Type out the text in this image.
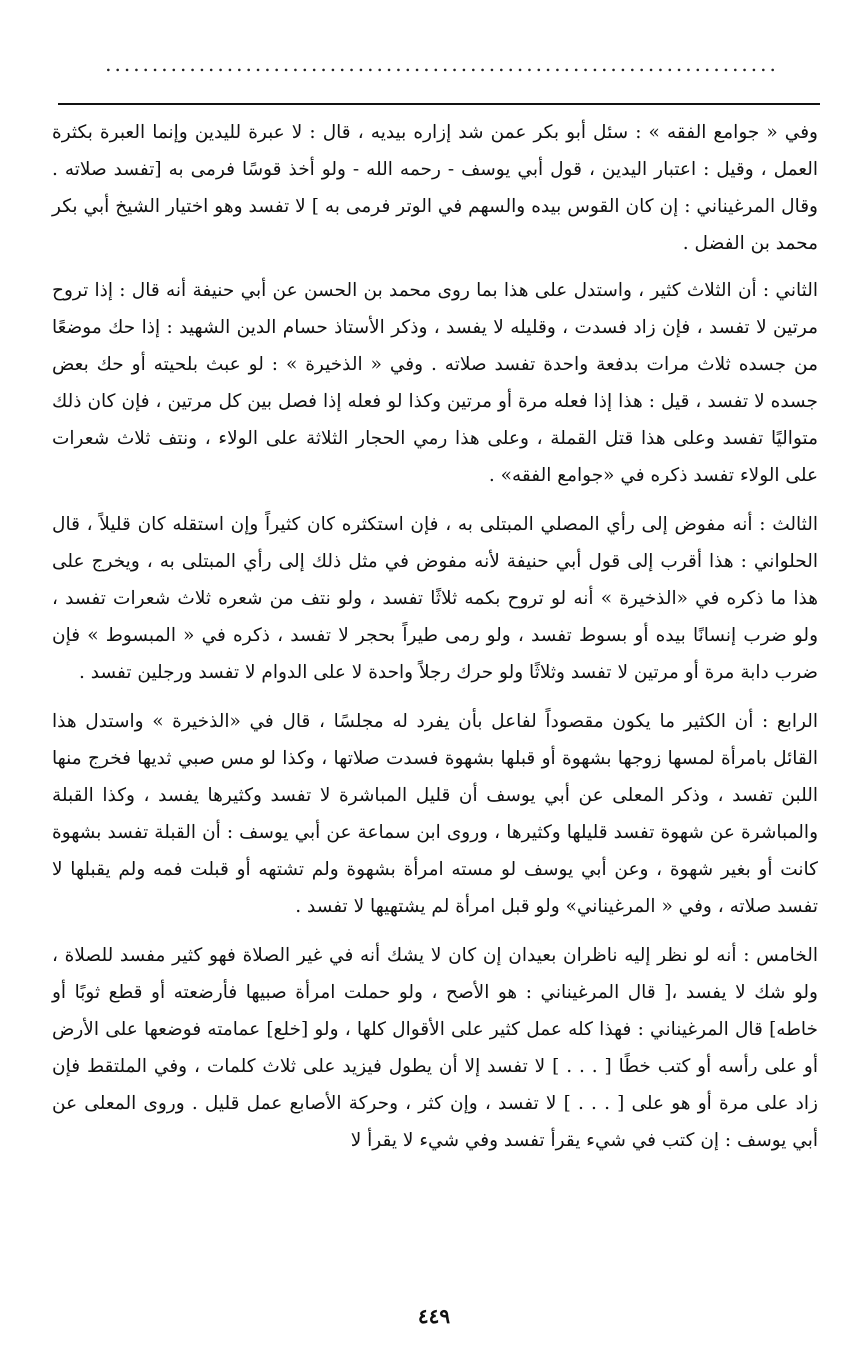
........................................................................

وفي « جوامع الفقه » : سئل أبو بكر عمن شد إزاره بيديه ، قال : لا عبرة لليدين وإنما العبرة بكثرة العمل ، وقيل : اعتبار اليدين ، قول أبي يوسف - رحمه الله - ولو أخذ قوسًا فرمى به [تفسد صلاته . وقال المرغيناني : إن كان القوس بيده والسهم في الوتر فرمى به ] لا تفسد وهو اختيار الشيخ أبي بكر محمد بن الفضل .

الثاني : أن الثلاث كثير ، واستدل على هذا بما روى محمد بن الحسن عن أبي حنيفة أنه قال : إذا تروح مرتين لا تفسد ، فإن زاد فسدت ، وقليله لا يفسد ، وذكر الأستاذ حسام الدين الشهيد : إذا حك موضعًا من جسده ثلاث مرات بدفعة واحدة تفسد صلاته . وفي « الذخيرة » : لو عبث بلحيته أو حك بعض جسده لا تفسد ، قيل : هذا إذا فعله مرة أو مرتين وكذا لو فعله إذا فصل بين كل مرتين ، فإن كان ذلك متواليًا تفسد وعلى هذا قتل القملة ، وعلى هذا رمي الحجار الثلاثة على الولاء ، ونتف ثلاث شعرات على الولاء تفسد ذكره في «جوامع الفقه» .

الثالث : أنه مفوض إلى رأي المصلي المبتلى به ، فإن استكثره كان كثيراً وإن استقله كان قليلاً ، قال الحلواني : هذا أقرب إلى قول أبي حنيفة لأنه مفوض في مثل ذلك إلى رأي المبتلى به ، ويخرج على هذا ما ذكره في «الذخيرة » أنه لو تروح بكمه ثلاثًا تفسد ، ولو نتف من شعره ثلاث شعرات تفسد ، ولو ضرب إنسانًا بيده أو بسوط تفسد ، ولو رمى طيراً بحجر لا تفسد ، ذكره في « المبسوط » فإن ضرب دابة مرة أو مرتين لا تفسد وثلاثًا ولو حرك رجلاً واحدة لا على الدوام لا تفسد ورجلين تفسد .

الرابع : أن الكثير ما يكون مقصوداً لفاعل بأن يفرد له مجلسًا ، قال في «الذخيرة » واستدل هذا القائل بامرأة لمسها زوجها بشهوة أو قبلها بشهوة فسدت صلاتها ، وكذا لو مس صبي ثديها فخرج منها اللبن تفسد ، وذكر المعلى عن أبي يوسف أن قليل المباشرة لا تفسد وكثيرها يفسد ، وكذا القبلة والمباشرة عن شهوة تفسد قليلها وكثيرها ، وروى ابن سماعة عن أبي يوسف : أن القبلة تفسد بشهوة كانت أو بغير شهوة ، وعن أبي يوسف لو مسته امرأة بشهوة ولم تشتهه أو قبلت فمه ولم يقبلها لا تفسد صلاته ، وفي « المرغيناني» ولو قبل امرأة لم يشتهيها لا تفسد .

الخامس : أنه لو نظر إليه ناظران بعيدان إن كان لا يشك أنه في غير الصلاة فهو كثير مفسد للصلاة ، ولو شك لا يفسد ،[ قال المرغيناني : هو الأصح ، ولو حملت امرأة صبيها فأرضعته أو قطع ثوبًا أو خاطه] قال المرغيناني : فهذا كله عمل كثير على الأقوال كلها ، ولو [خلع] عمامته فوضعها على الأرض أو على رأسه أو كتب خطًا [ . . . ] لا تفسد إلا أن يطول فيزيد على ثلاث كلمات ، وفي الملتقط فإن زاد على مرة أو هو على [ . . . ] لا تفسد ، وإن كثر ، وحركة الأصابع عمل قليل . وروى المعلى عن أبي يوسف : إن كتب في شيء يقرأ تفسد وفي شيء لا يقرأ لا

٤٤٩
